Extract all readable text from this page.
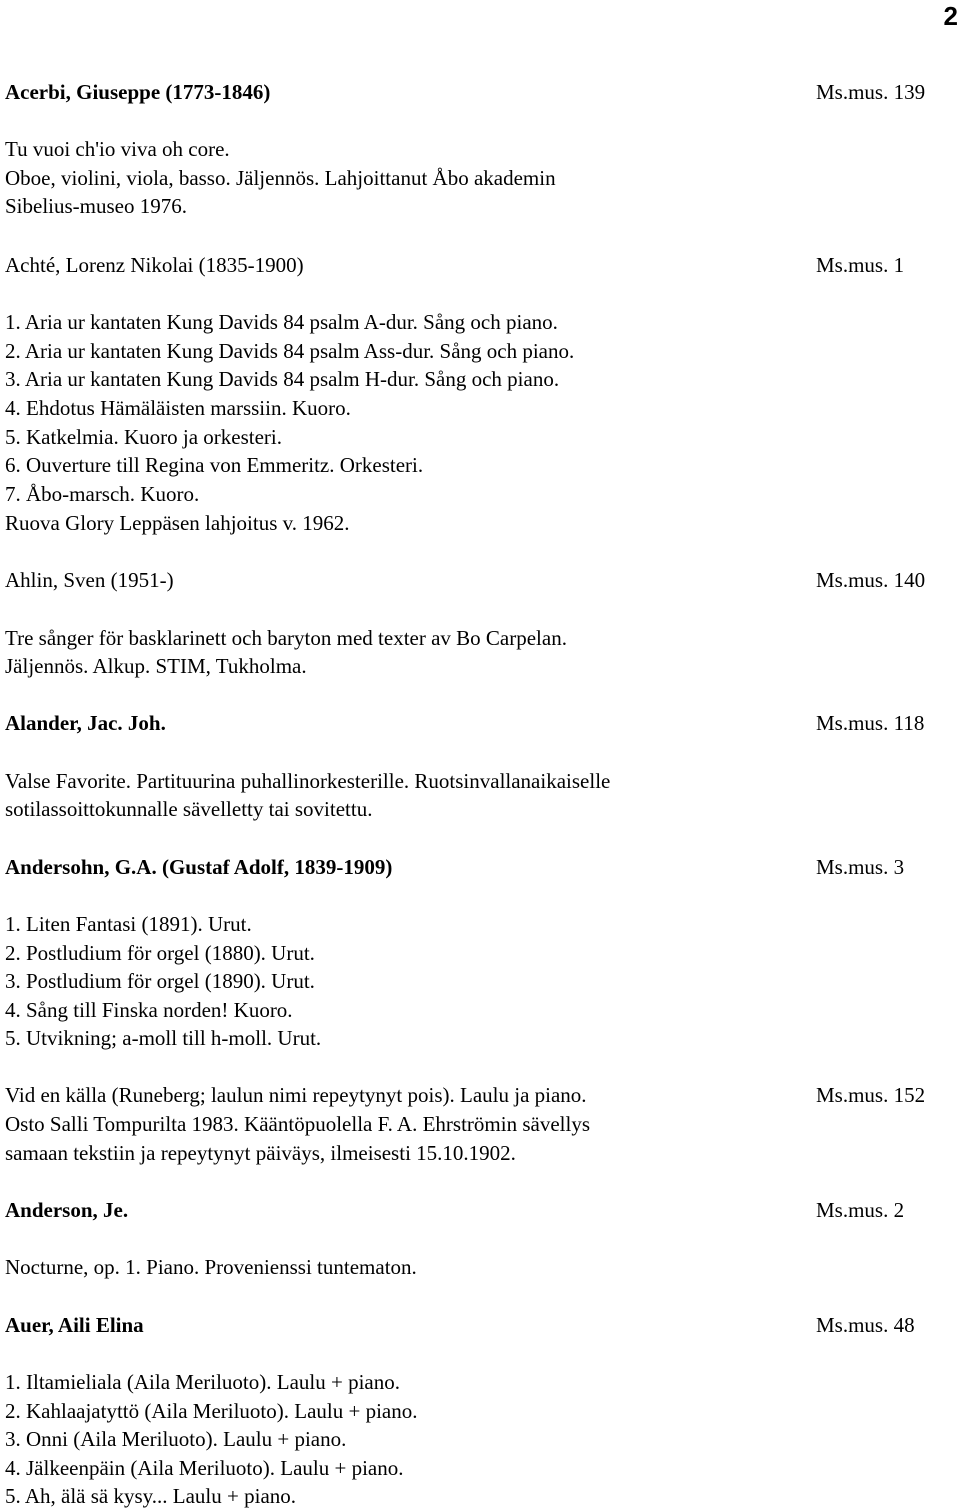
2
Acerbi, Giuseppe (1773-1846)	Ms.mus. 139
Tu vuoi ch'io viva oh core.
Oboe, violini, viola, basso. Jäljennös. Lahjoittanut Åbo akademin
Sibelius-museo 1976.
Achté, Lorenz Nikolai (1835-1900)	Ms.mus. 1
1. Aria ur kantaten Kung Davids 84 psalm A-dur. Sång och piano.
2. Aria ur kantaten Kung Davids 84 psalm Ass-dur. Sång och piano.
3. Aria ur kantaten Kung Davids 84 psalm H-dur. Sång och piano.
4. Ehdotus Hämäläisten marssiin. Kuoro.
5. Katkelmia. Kuoro ja orkesteri.
6. Ouverture till Regina von Emmeritz. Orkesteri.
7. Åbo-marsch. Kuoro.
Ruova Glory Leppäsen lahjoitus v. 1962.
Ahlin, Sven (1951-)	Ms.mus. 140
Tre sånger för basklarinett och baryton med texter av Bo Carpelan.
Jäljennös. Alkup. STIM, Tukholma.
Alander, Jac. Joh.	Ms.mus. 118
Valse Favorite. Partituurina puhallinorkesterille. Ruotsinvallanaikaiselle
sotilassoittokunnalle sävelletty tai sovitettu.
Andersohn, G.A. (Gustaf Adolf, 1839-1909)	Ms.mus. 3
1. Liten Fantasi (1891). Urut.
2. Postludium för orgel (1880). Urut.
3. Postludium för orgel (1890). Urut.
4. Sång till Finska norden! Kuoro.
5. Utvikning; a-moll till h-moll. Urut.
Vid en källa (Runeberg; laulun nimi repeytynyt pois). Laulu ja piano.	Ms.mus. 152
Osto Salli Tompurilta 1983. Kääntöpuolella F. A. Ehrströmin sävellys
samaan tekstiin ja repeytynyt päiväys, ilmeisesti 15.10.1902.
Anderson, Je.	Ms.mus. 2
Nocturne, op. 1. Piano. Provenienssi tuntematon.
Auer, Aili Elina	Ms.mus. 48
1. Iltamieliala (Aila Meriluoto). Laulu + piano.
2. Kahlaajatyttö (Aila Meriluoto). Laulu + piano.
3. Onni (Aila Meriluoto). Laulu + piano.
4. Jälkeenpäin (Aila Meriluoto). Laulu + piano.
5. Ah, älä sä kysy... Laulu + piano.
